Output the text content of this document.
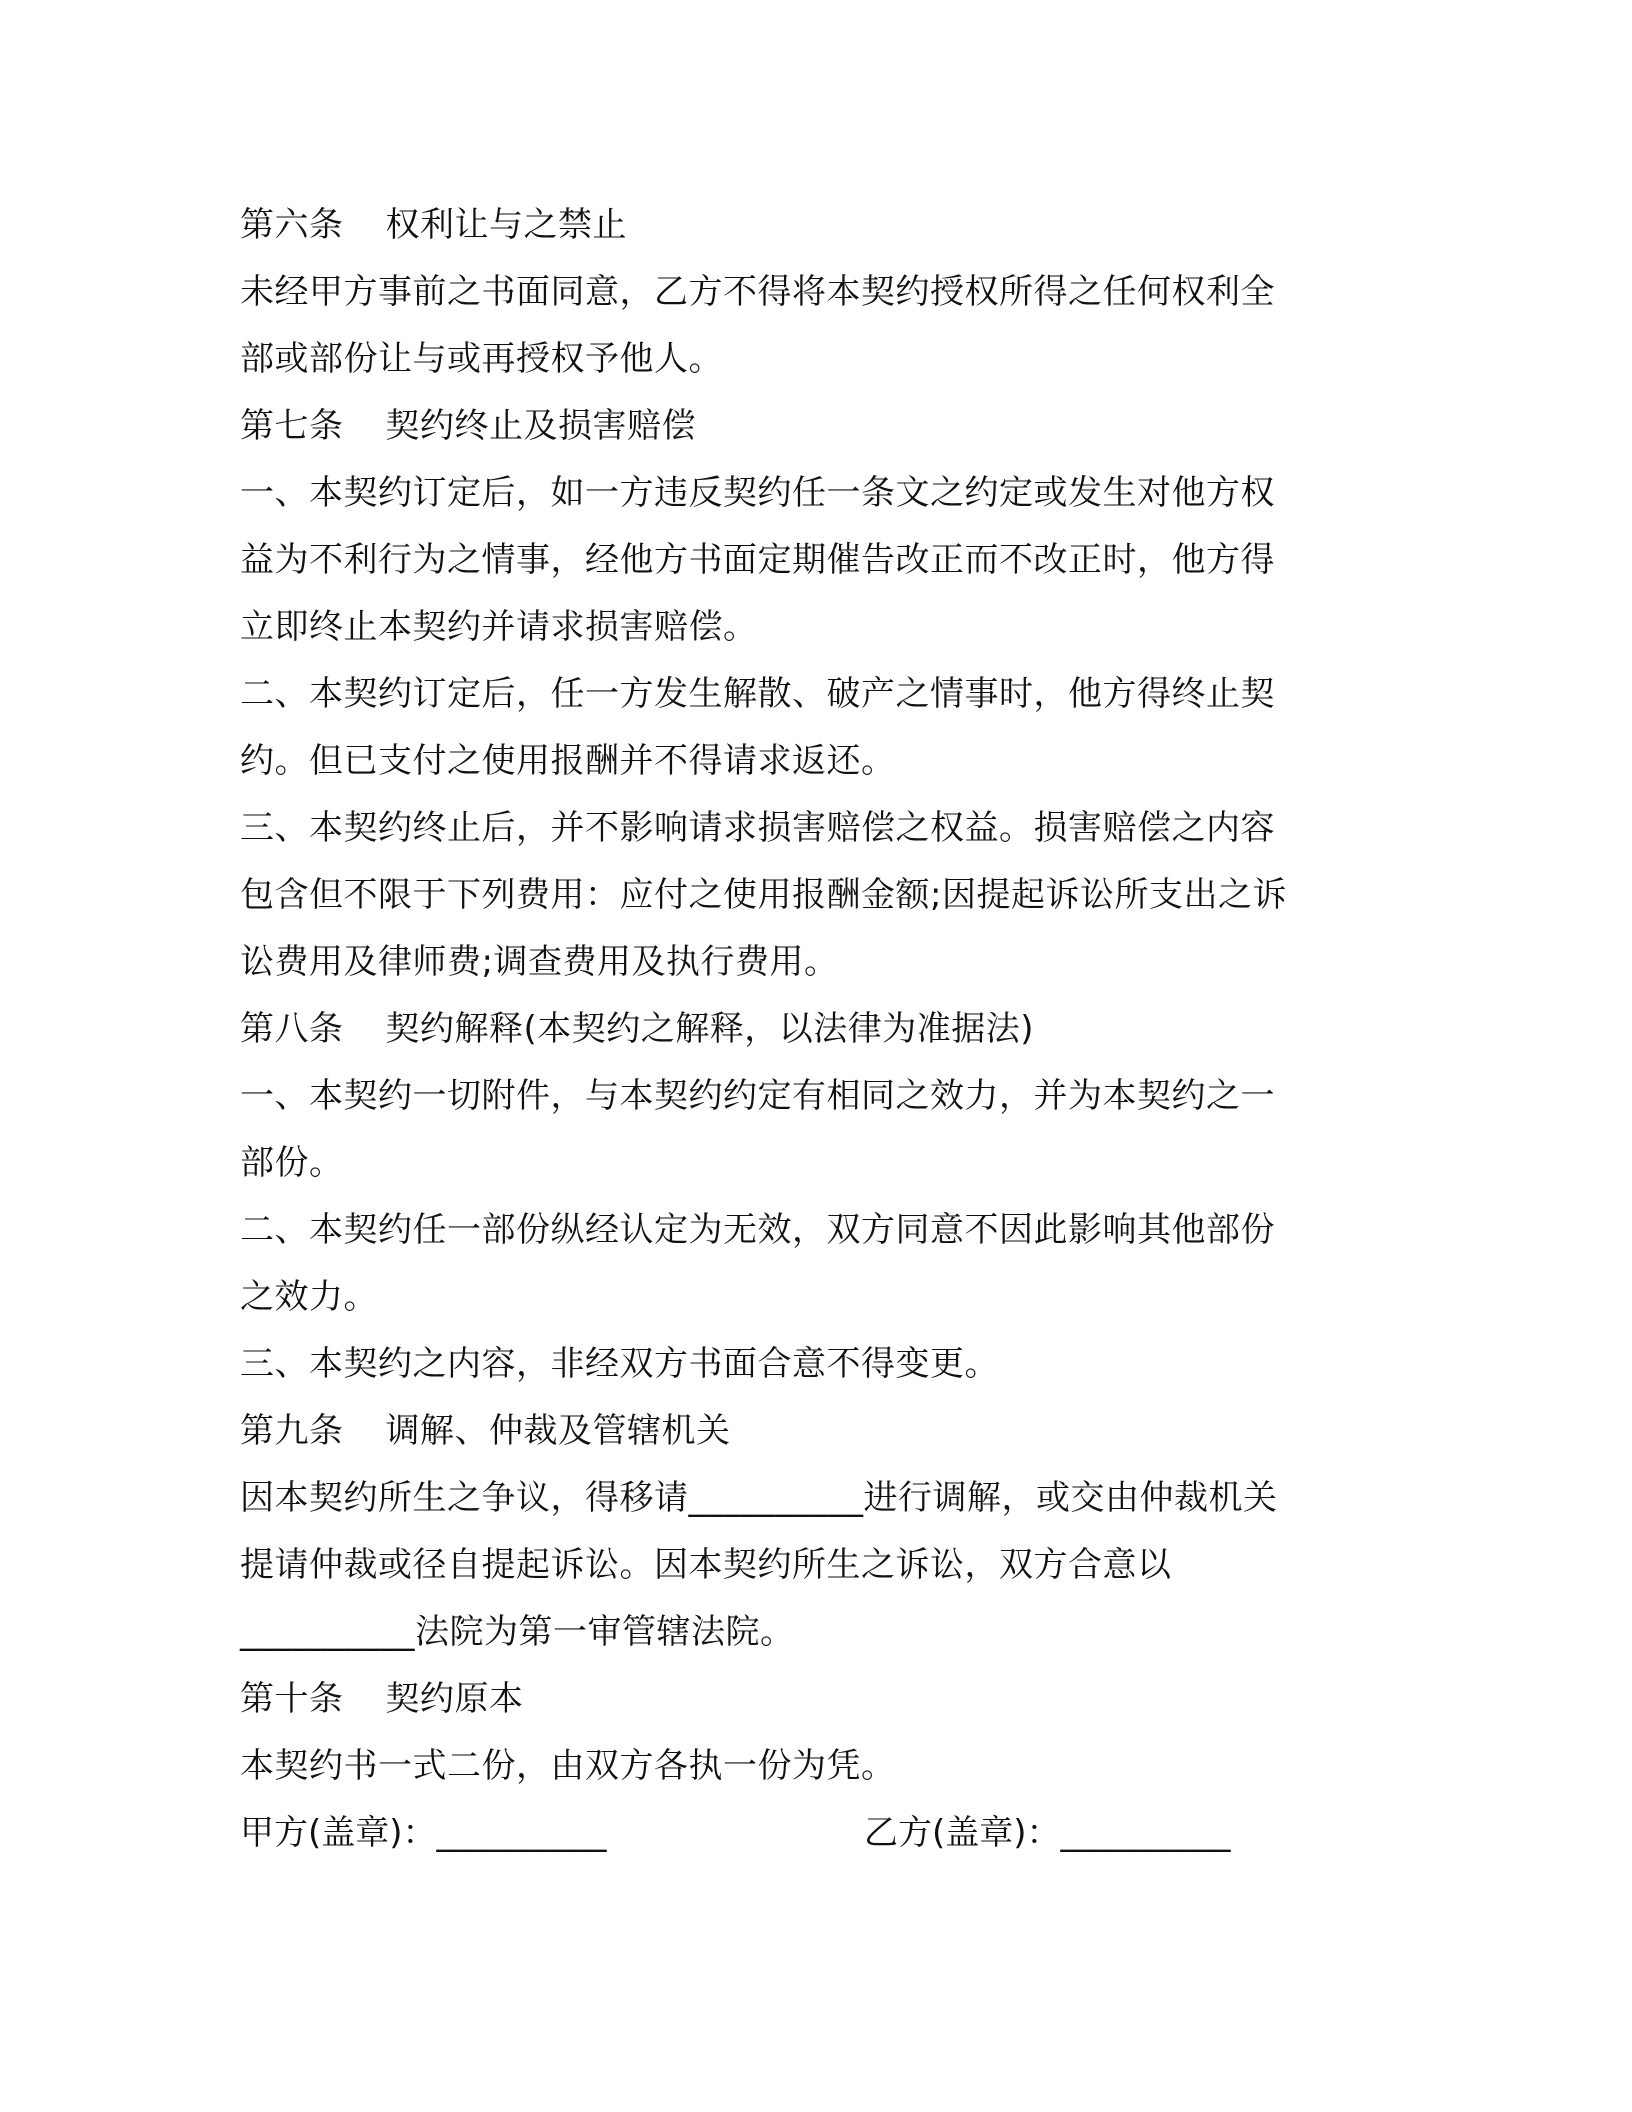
第六条 权利让与之禁止
未经甲方事前之书面同意，乙方不得将本契约授权所得之任何权利全
部或部份让与或再授权予他人。
第七条 契约终止及损害赔偿
一、本契约订定后，如一方违反契约任一条文之约定或发生对他方权
益为不利行为之情事，经他方书面定期催告改正而不改正时，他方得
立即终止本契约并请求损害赔偿。
二、本契约订定后，任一方发生解散、破产之情事时，他方得终止契
约。但已支付之使用报酬并不得请求返还。
三、本契约终止后，并不影响请求损害赔偿之权益。损害赔偿之内容
包含但不限于下列费用：应付之使用报酬金额;因提起诉讼所支出之诉
讼费用及律师费;调查费用及执行费用。
第八条 契约解释(本契约之解释，以法律为准据法)
一、本契约一切附件，与本契约约定有相同之效力，并为本契约之一
部份。
二、本契约任一部份纵经认定为无效，双方同意不因此影响其他部份
之效力。
三、本契约之内容，非经双方书面合意不得变更。
第九条 调解、仲裁及管辖机关
因本契约所生之争议，得移请__________进行调解，或交由仲裁机关
提请仲裁或径自提起诉讼。因本契约所生之诉讼，双方合意以
__________法院为第一审管辖法院。
第十条 契约原本
本契约书一式二份，由双方各执一份为凭。
甲方(盖章)：__________	乙方(盖章)：__________
